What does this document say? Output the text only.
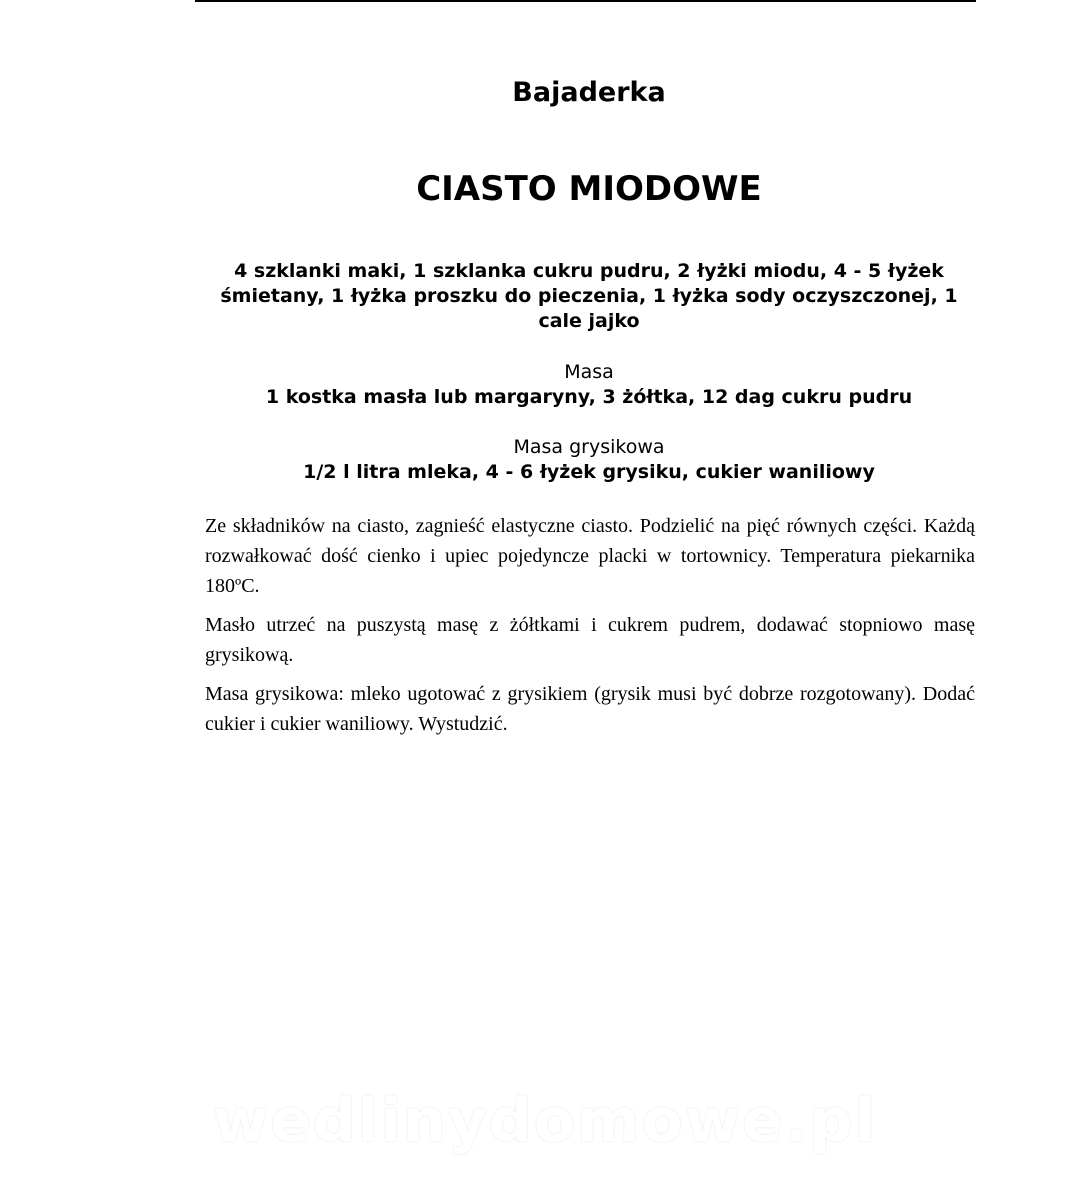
Bajaderka
CIASTO MIODOWE
4 szklanki maki, 1 szklanka cukru pudru, 2 łyżki miodu, 4 - 5 łyżek śmietany, 1 łyżka proszku do pieczenia, 1 łyżka sody oczyszczonej, 1 cale jajko
Masa
1 kostka masła lub margaryny, 3 żółtka, 12 dag cukru pudru
Masa grysikowa
1/2 l litra mleka, 4 - 6 łyżek grysiku, cukier waniliowy
Ze składników na ciasto, zagnieść elastyczne ciasto. Podzielić na pięć równych części. Każdą rozwałkować dość cienko i upiec pojedyncze placki w tortownicy. Temperatura piekarnika 180ºC.
Masło utrzeć na puszystą masę z żółtkami i cukrem pudrem, dodawać stopniowo masę grysikową.
Masa grysikowa: mleko ugotować z grysikiem (grysik musi być dobrze rozgotowany). Dodać cukier i cukier waniliowy. Wystudzić.
wedlinydomowe.pl
